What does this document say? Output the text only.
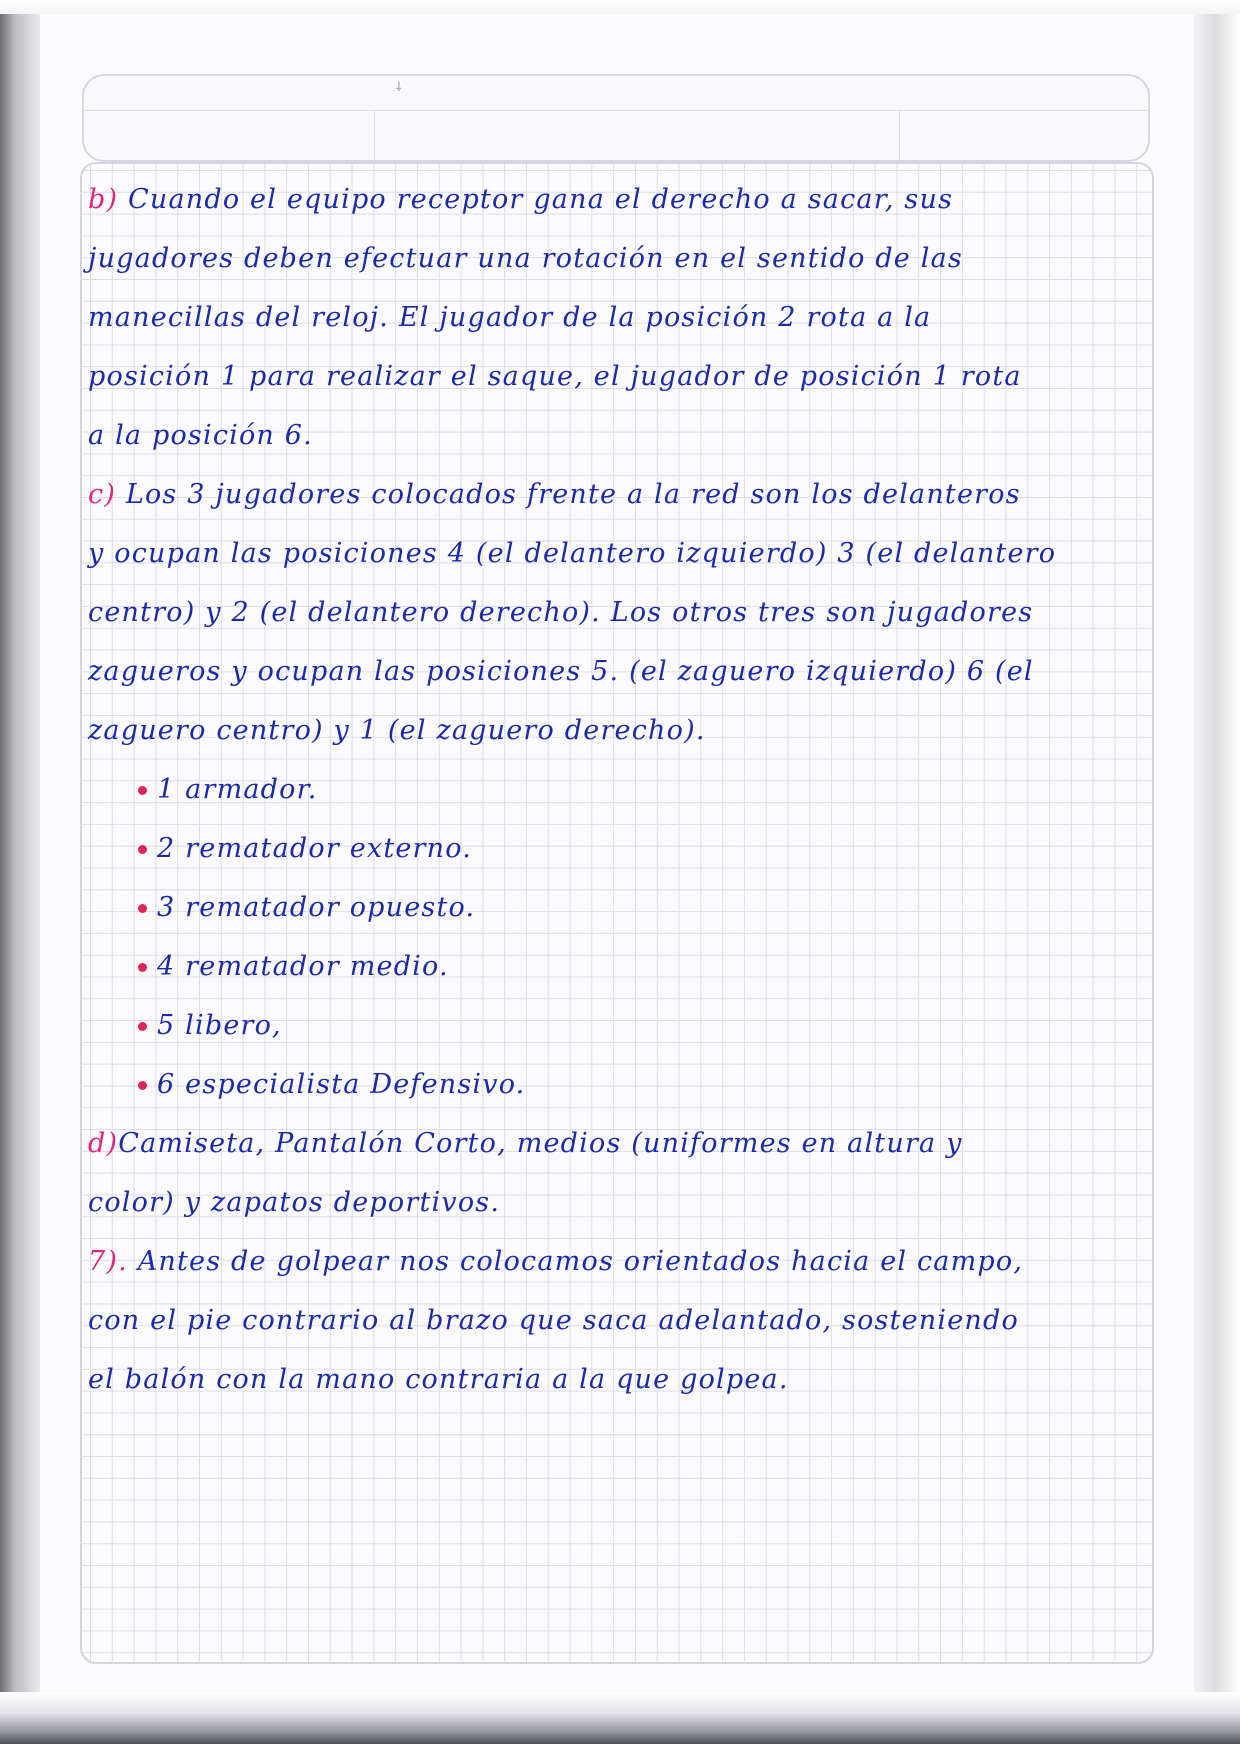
⸸
b) Cuando el equipo receptor gana el derecho a sacar, sus
jugadores deben efectuar una rotación en el sentido de las
manecillas del reloj. El jugador de la posición 2 rota a la
posición 1 para realizar el saque, el jugador de posición 1 rota
a la posición 6.
c) Los 3 jugadores colocados frente a la red son los delanteros
y ocupan las posiciones 4 (el delantero izquierdo) 3 (el delantero
centro) y 2 (el delantero derecho). Los otros tres son jugadores
zagueros y ocupan las posiciones 5. (el zaguero izquierdo) 6 (el
zaguero centro) y 1 (el zaguero derecho).
1 armador.
2 rematador externo.
3 rematador opuesto.
4 rematador medio.
5 libero,
6 especialista Defensivo.
d)Camiseta, Pantalón Corto, medios (uniformes en altura y
color) y zapatos deportivos.
7). Antes de golpear nos colocamos orientados hacia el campo,
con el pie contrario al brazo que saca adelantado, sosteniendo
el balón con la mano contraria a la que golpea.
